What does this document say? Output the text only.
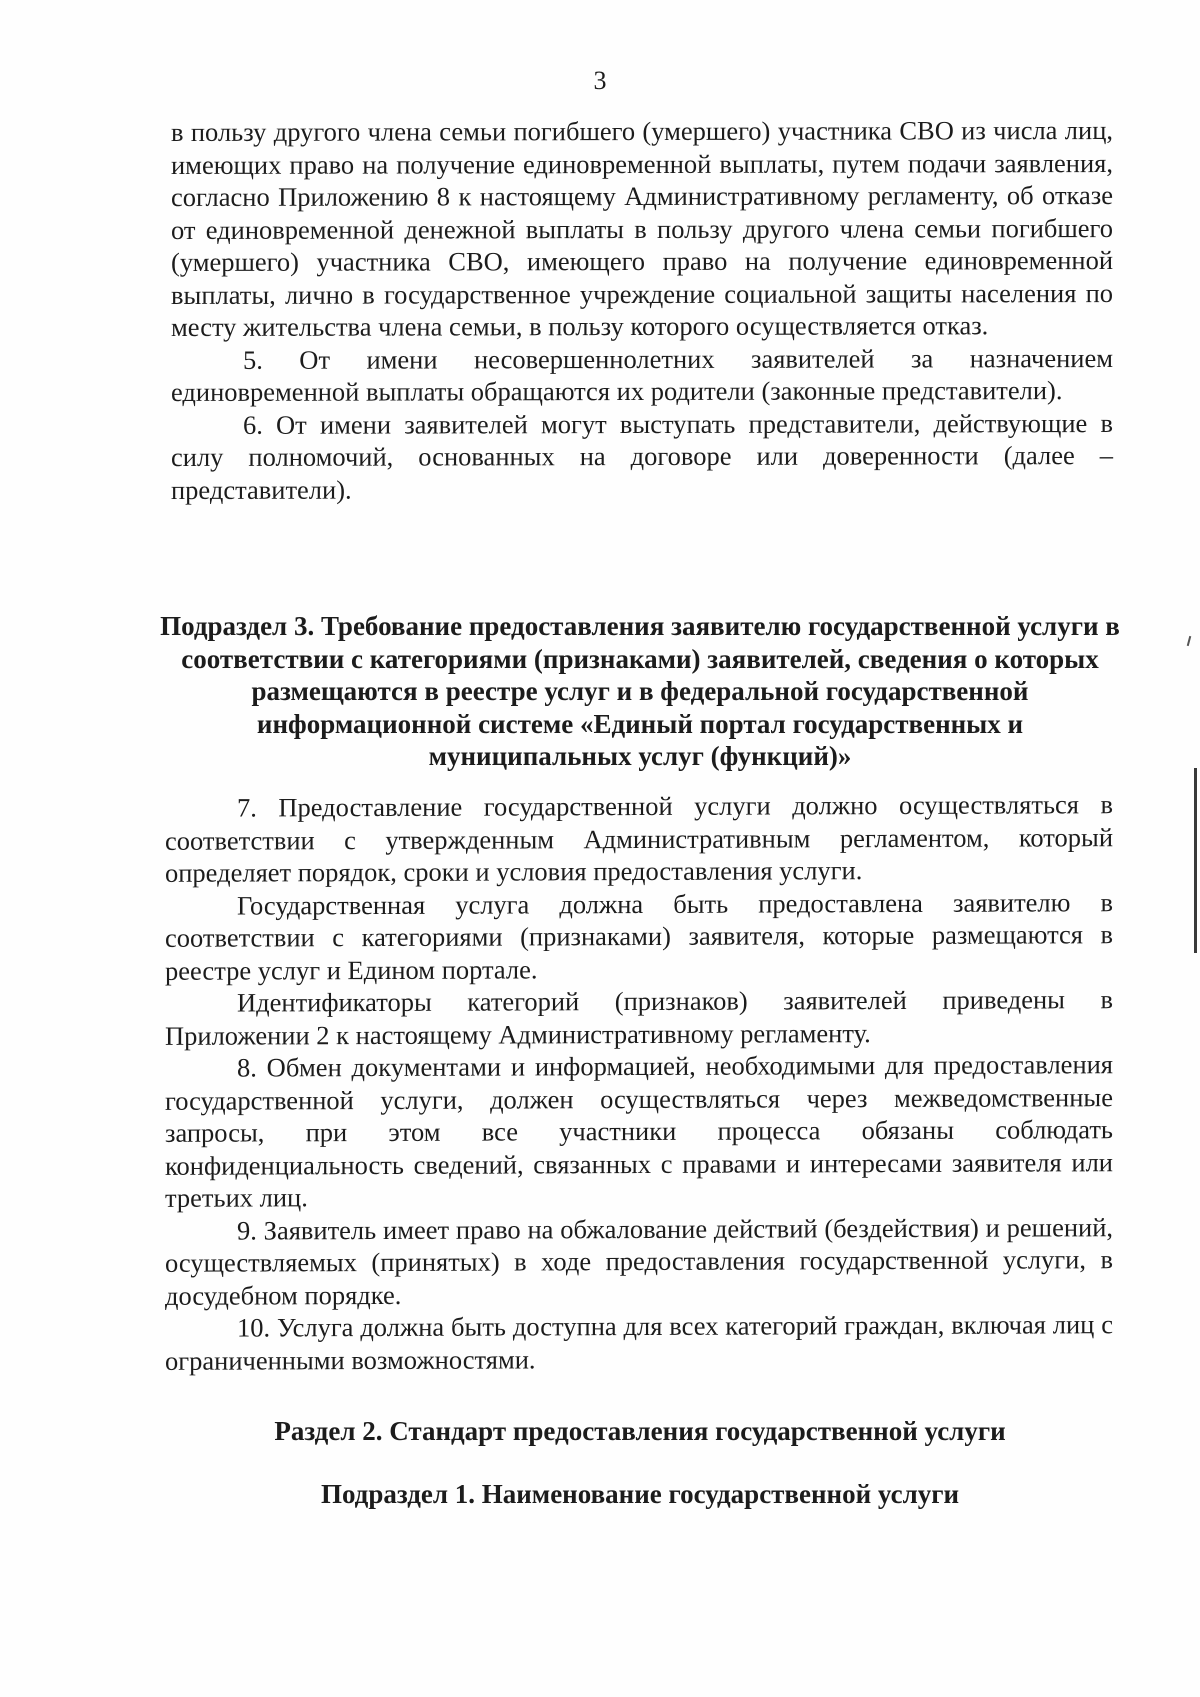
3

в пользу другого члена семьи погибшего (умершего) участника СВО из числа лиц, имеющих право на получение единовременной выплаты, путем подачи заявления, согласно Приложению 8 к настоящему Административному регламенту, об отказе от единовременной денежной выплаты в пользу другого члена семьи погибшего (умершего) участника СВО, имеющего право на получение единовременной выплаты, лично в государственное учреждение социальной защиты населения по месту жительства члена семьи, в пользу которого осуществляется отказ.

5. От имени несовершеннолетних заявителей за назначением единовременной выплаты обращаются их родители (законные представители).

6. От имени заявителей могут выступать представители, действующие в силу полномочий, основанных на договоре или доверенности (далее – представители).

Подраздел 3. Требование предоставления заявителю государственной услуги в соответствии с категориями (признаками) заявителей, сведения о которых размещаются в реестре услуг и в федеральной государственной информационной системе «Единый портал государственных и муниципальных услуг (функций)»

7. Предоставление государственной услуги должно осуществляться в соответствии с утвержденным Административным регламентом, который определяет порядок, сроки и условия предоставления услуги.

Государственная услуга должна быть предоставлена заявителю в соответствии с категориями (признаками) заявителя, которые размещаются в реестре услуг и Едином портале.

Идентификаторы категорий (признаков) заявителей приведены в Приложении 2 к настоящему Административному регламенту.

8. Обмен документами и информацией, необходимыми для предоставления государственной услуги, должен осуществляться через межведомственные запросы, при этом все участники процесса обязаны соблюдать конфиденциальность сведений, связанных с правами и интересами заявителя или третьих лиц.

9. Заявитель имеет право на обжалование действий (бездействия) и решений, осуществляемых (принятых) в ходе предоставления государственной услуги, в досудебном порядке.

10. Услуга должна быть доступна для всех категорий граждан, включая лиц с ограниченными возможностями.

Раздел 2. Стандарт предоставления государственной услуги
Подраздел 1. Наименование государственной услуги
